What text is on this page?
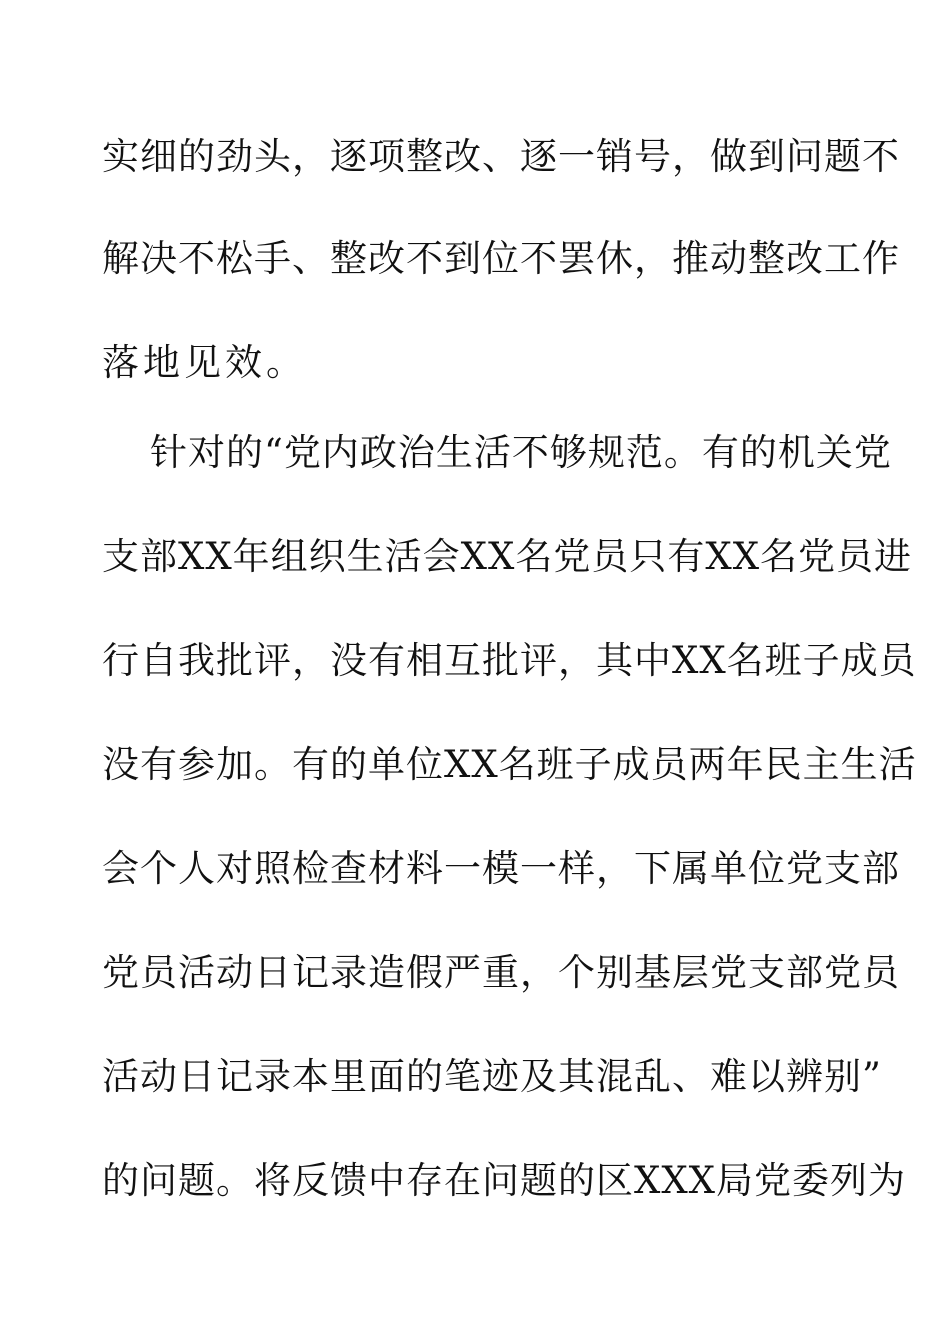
实细的劲头，逐项整改、逐一销号，做到问题不
解决不松手、整改不到位不罢休，推动整改工作
落地见效。
针对的“党内政治生活不够规范。有的机关党
支部XX年组织生活会XX名党员只有XX名党员进
行自我批评，没有相互批评，其中XX名班子成员
没有参加。有的单位XX名班子成员两年民主生活
会个人对照检查材料一模一样，下属单位党支部
党员活动日记录造假严重，个别基层党支部党员
活动日记录本里面的笔迹及其混乱、难以辨别”
的问题。将反馈中存在问题的区XXX局党委列为
